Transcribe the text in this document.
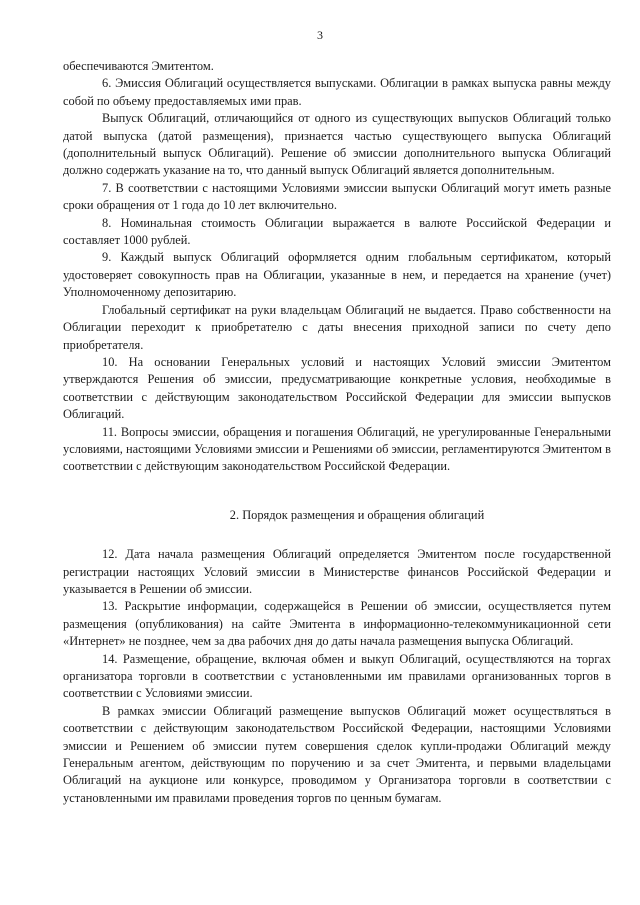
3

обеспечиваются Эмитентом.

6. Эмиссия Облигаций осуществляется выпусками. Облигации в рамках выпуска равны между собой по объему предоставляемых ими прав.

Выпуск Облигаций, отличающийся от одного из существующих выпусков Облигаций только датой выпуска (датой размещения), признается частью существующего выпуска Облигаций (дополнительный выпуск Облигаций). Решение об эмиссии дополнительного выпуска Облигаций должно содержать указание на то, что данный выпуск Облигаций является дополнительным.

7. В соответствии с настоящими Условиями эмиссии выпуски Облигаций могут иметь разные сроки обращения от 1 года до 10 лет включительно.

8. Номинальная стоимость Облигации выражается в валюте Российской Федерации и составляет 1000 рублей.

9. Каждый выпуск Облигаций оформляется одним глобальным сертификатом, который удостоверяет совокупность прав на Облигации, указанные в нем, и передается на хранение (учет) Уполномоченному депозитарию.

Глобальный сертификат на руки владельцам Облигаций не выдается. Право собственности на Облигации переходит к приобретателю с даты внесения приходной записи по счету депо приобретателя.

10. На основании Генеральных условий и настоящих Условий эмиссии Эмитентом утверждаются Решения об эмиссии, предусматривающие конкретные условия, необходимые в соответствии с действующим законодательством Российской Федерации для эмиссии выпусков Облигаций.

11. Вопросы эмиссии, обращения и погашения Облигаций, не урегулированные Генеральными условиями, настоящими Условиями эмиссии и Решениями об эмиссии, регламентируются Эмитентом в соответствии с действующим законодательством Российской Федерации.

2. Порядок размещения и обращения облигаций

12. Дата начала размещения Облигаций определяется Эмитентом после государственной регистрации настоящих Условий эмиссии в Министерстве финансов Российской Федерации и указывается в Решении об эмиссии.

13. Раскрытие информации, содержащейся в Решении об эмиссии, осуществляется путем размещения (опубликования) на сайте Эмитента в информационно-телекоммуникационной сети «Интернет» не позднее, чем за два рабочих дня до даты начала размещения выпуска Облигаций.

14. Размещение, обращение, включая обмен и выкуп Облигаций, осуществляются на торгах организатора торговли в соответствии с установленными им правилами организованных торгов в соответствии с Условиями эмиссии.

В рамках эмиссии Облигаций размещение выпусков Облигаций может осуществляться в соответствии с действующим законодательством Российской Федерации, настоящими Условиями эмиссии и Решением об эмиссии путем совершения сделок купли-продажи Облигаций между Генеральным агентом, действующим по поручению и за счет Эмитента, и первыми владельцами Облигаций на аукционе или конкурсе, проводимом у Организатора торговли в соответствии с установленными им правилами проведения торгов по ценным бумагам.
